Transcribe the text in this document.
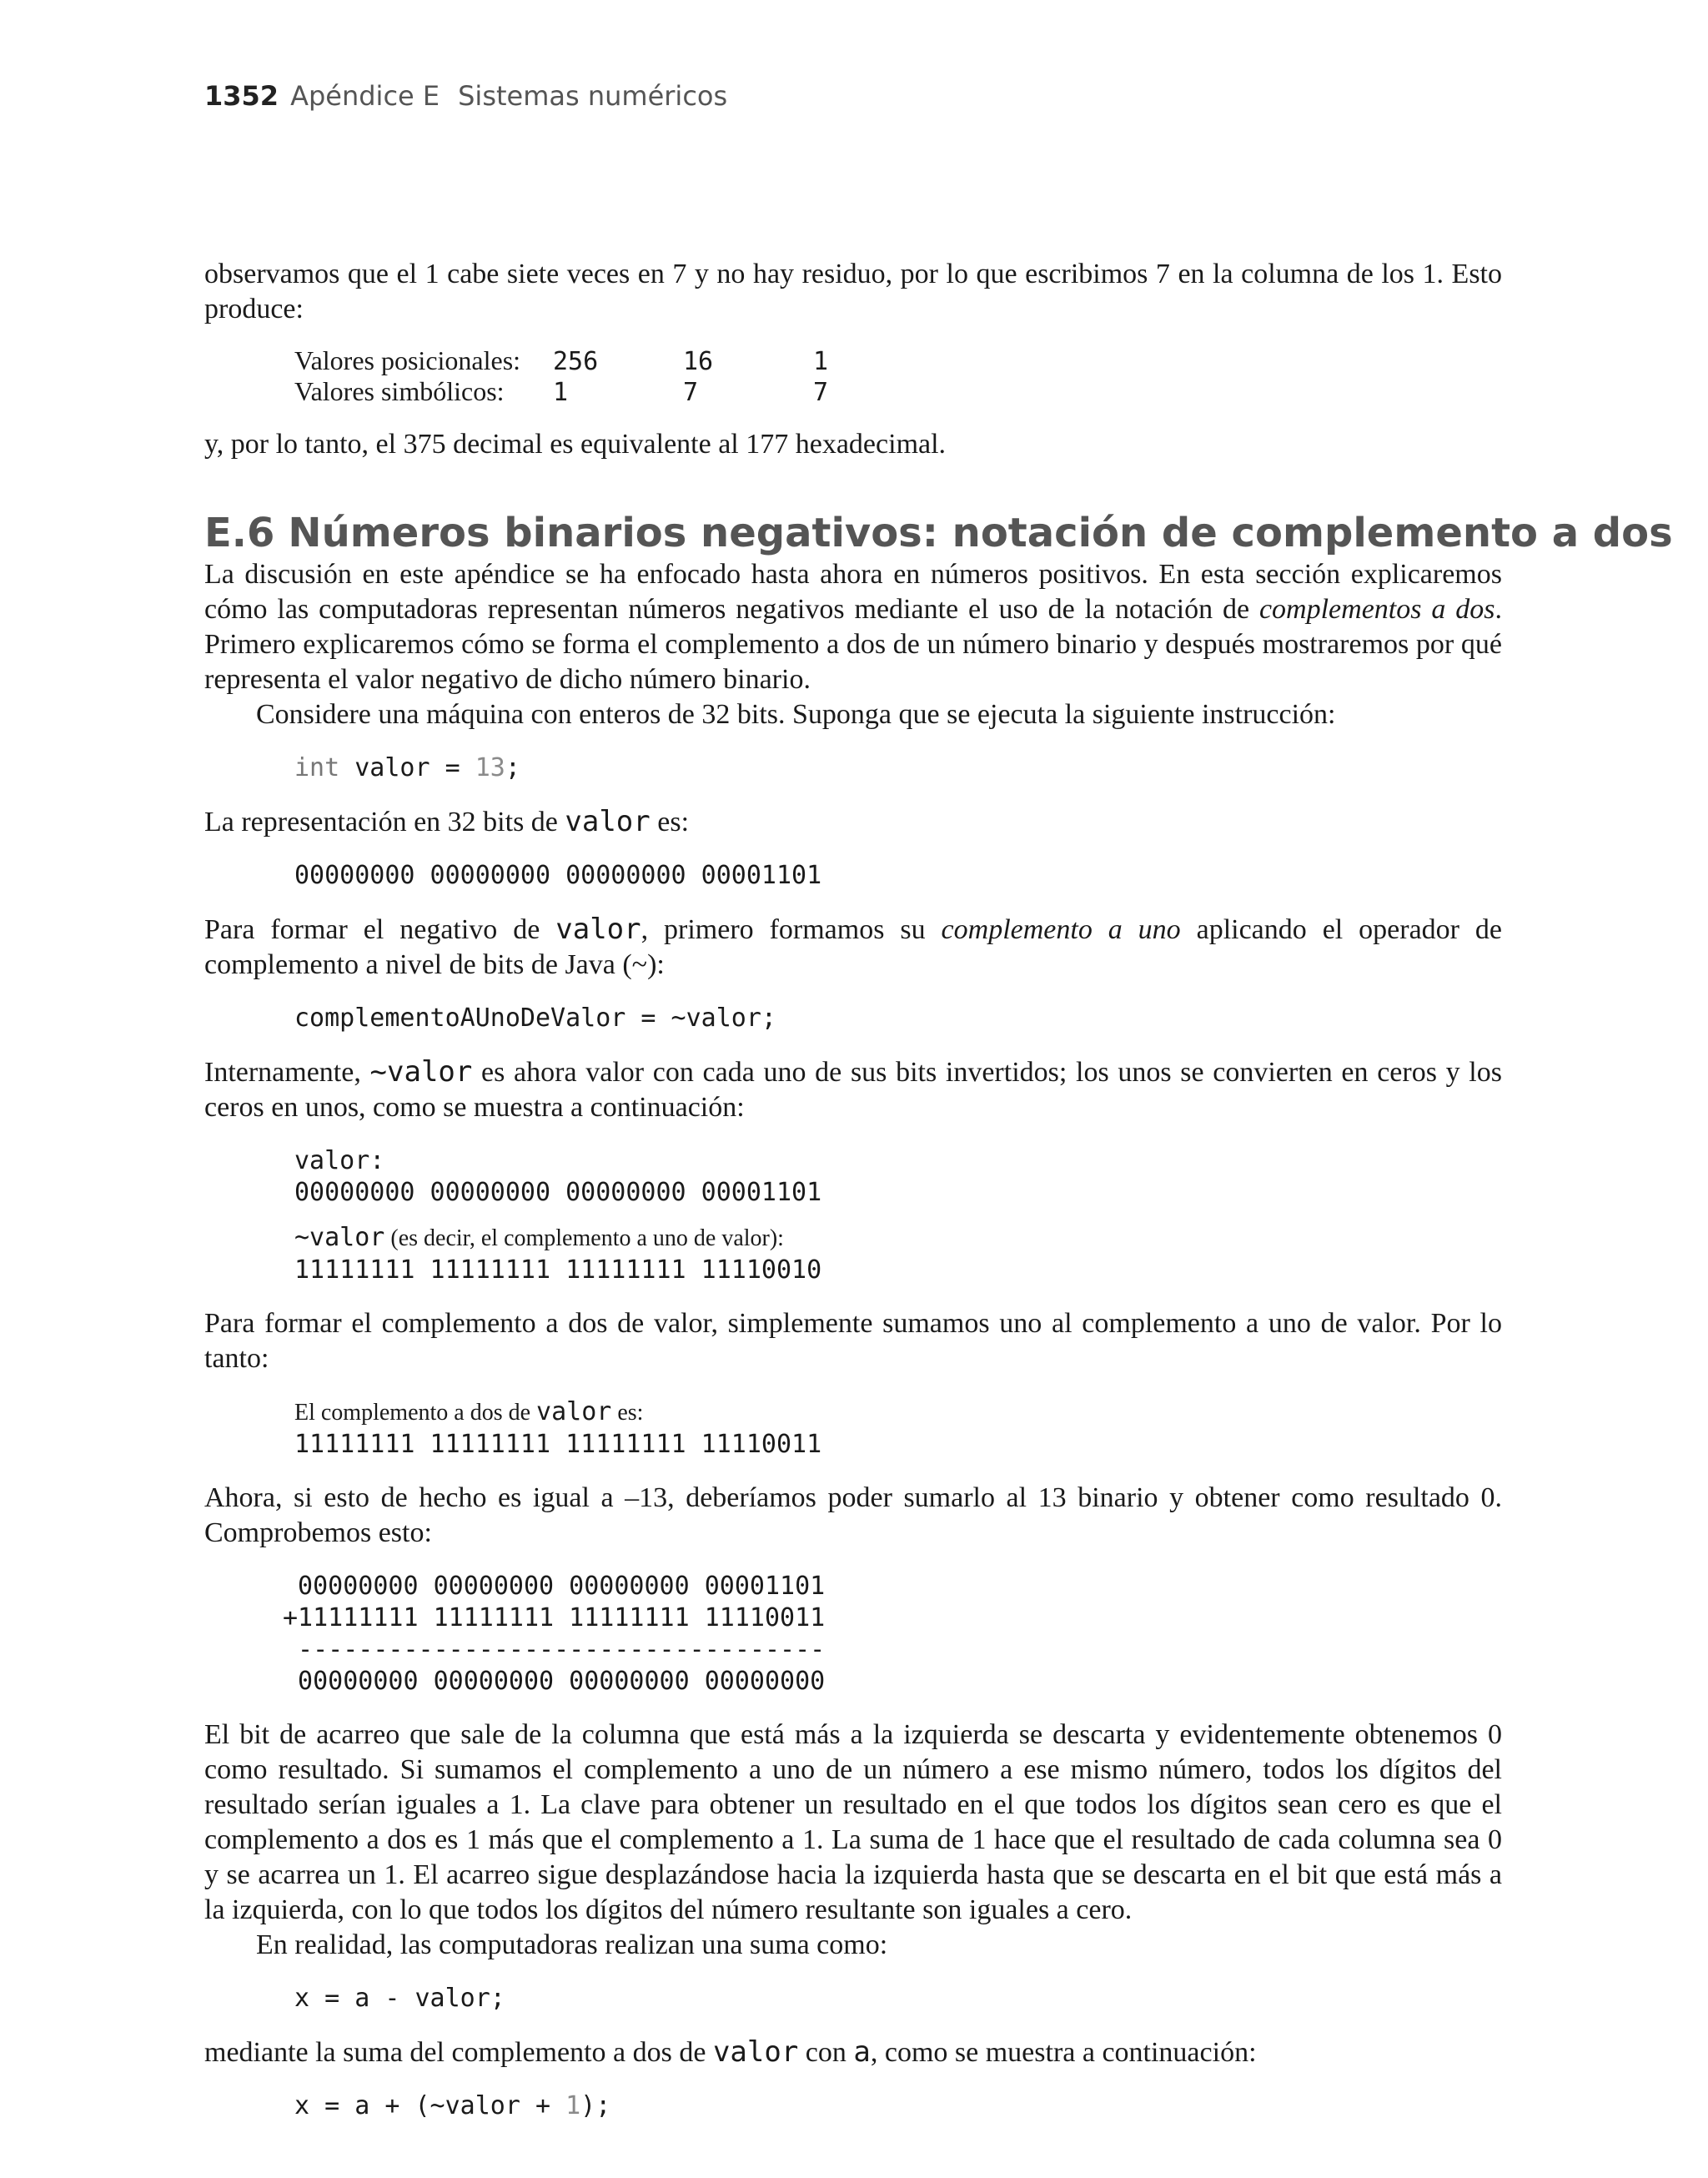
1352 Apéndice E Sistemas numéricos

observamos que el 1 cabe siete veces en 7 y no hay residuo, por lo que escribimos 7 en la columna de los 1. Esto produce:

Valores posicionales:	256	16	1
Valores simbólicos:	1	7	7

y, por lo tanto, el 375 decimal es equivalente al 177 hexadecimal.

E.6 Números binarios negativos: notación de complemento a dos

La discusión en este apéndice se ha enfocado hasta ahora en números positivos. En esta sección explicaremos cómo las computadoras representan números negativos mediante el uso de la notación de complementos a dos. Primero explicaremos cómo se forma el complemento a dos de un número binario y después mostraremos por qué representa el valor negativo de dicho número binario.

Considere una máquina con enteros de 32 bits. Suponga que se ejecuta la siguiente instrucción:

int valor = 13;

La representación en 32 bits de valor es:

00000000 00000000 00000000 00001101

Para formar el negativo de valor, primero formamos su complemento a uno aplicando el operador de complemento a nivel de bits de Java (~):

complementoAUnoDeValor = ~valor;

Internamente, ~valor es ahora valor con cada uno de sus bits invertidos; los unos se convierten en ceros y los ceros en unos, como se muestra a continuación:

valor:
00000000 00000000 00000000 00001101
~valor (es decir, el complemento a uno de valor):
11111111 11111111 11111111 11110010

Para formar el complemento a dos de valor, simplemente sumamos uno al complemento a uno de valor. Por lo tanto:

El complemento a dos de valor es:
11111111 11111111 11111111 11110011

Ahora, si esto de hecho es igual a –13, deberíamos poder sumarlo al 13 binario y obtener como resultado 0. Comprobemos esto:

00000000 00000000 00000000 00001101
+11111111 11111111 11111111 11110011
-----------------------------------
00000000 00000000 00000000 00000000

El bit de acarreo que sale de la columna que está más a la izquierda se descarta y evidentemente obtenemos 0 como resultado. Si sumamos el complemento a uno de un número a ese mismo número, todos los dígitos del resultado serían iguales a 1. La clave para obtener un resultado en el que todos los dígitos sean cero es que el complemento a dos es 1 más que el complemento a 1. La suma de 1 hace que el resultado de cada columna sea 0 y se acarrea un 1. El acarreo sigue desplazándose hacia la izquierda hasta que se descarta en el bit que está más a la izquierda, con lo que todos los dígitos del número resultante son iguales a cero.

En realidad, las computadoras realizan una suma como:

x = a - valor;

mediante la suma del complemento a dos de valor con a, como se muestra a continuación:

x = a + (~valor + 1);
